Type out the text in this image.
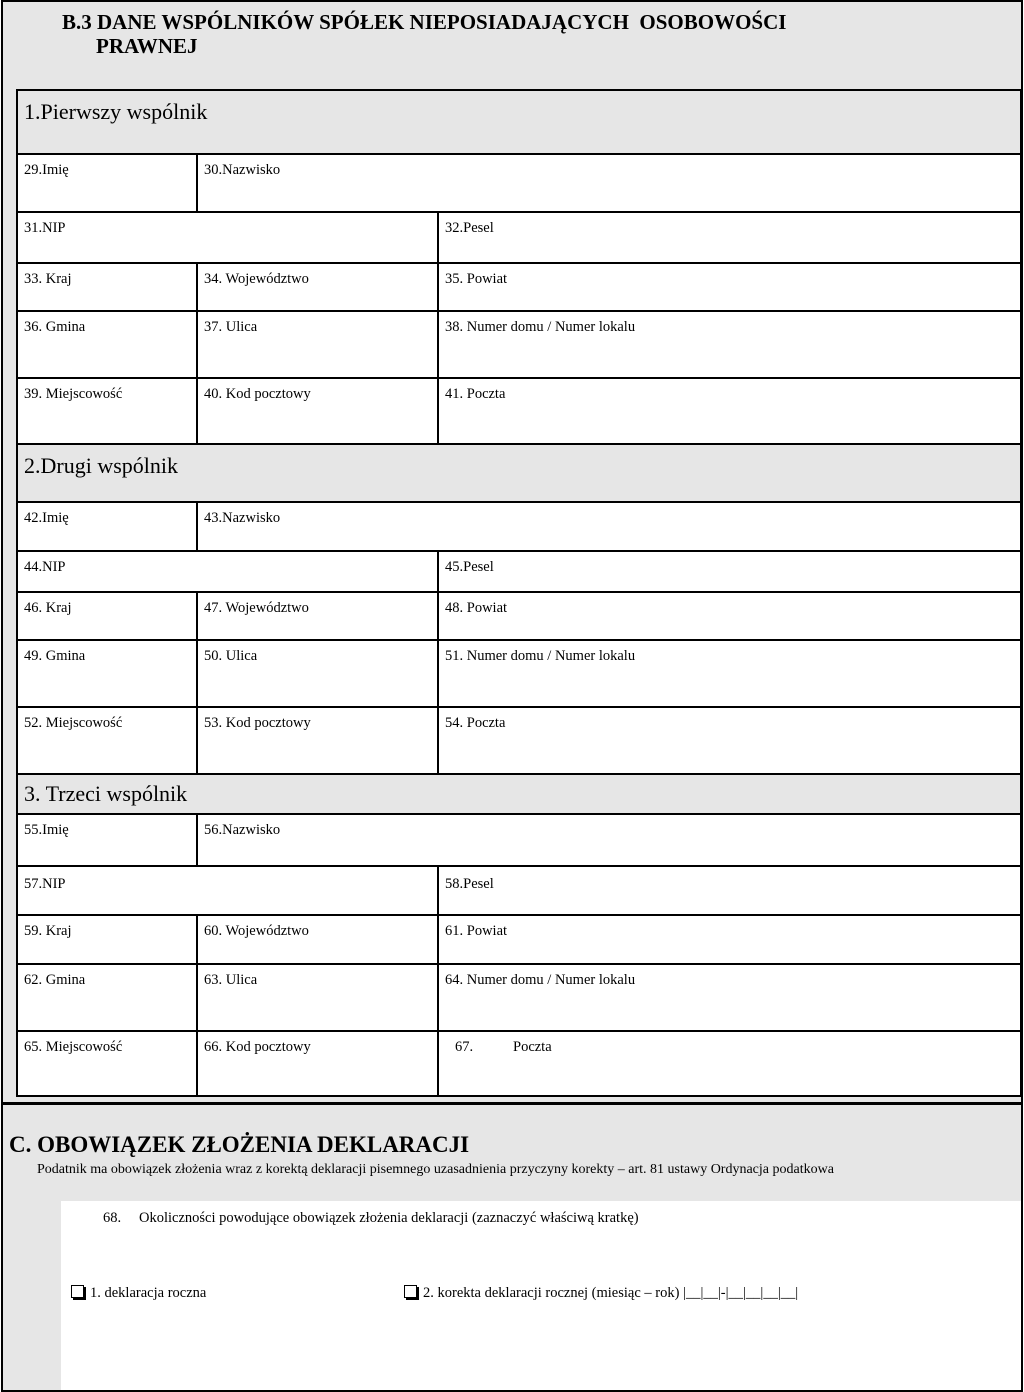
B.3 DANE WSPÓLNIKÓW SPÓŁEK NIEPOSIADAJĄCYCH  OSOBOWOŚCI
PRAWNEJ
1.Pierwszy wspólnik
29.Imię	30.Nazwisko
31.NIP	32.Pesel
33. Kraj	34. Województwo	35. Powiat
36. Gmina	37. Ulica	38. Numer domu / Numer lokalu
39. Miejscowość	40. Kod pocztowy	41. Poczta
2.Drugi wspólnik
42.Imię	43.Nazwisko
44.NIP	45.Pesel
46. Kraj	47. Województwo	48. Powiat
49. Gmina	50. Ulica	51. Numer domu / Numer lokalu
52. Miejscowość	53. Kod pocztowy	54. Poczta
3. Trzeci wspólnik
55.Imię	56.Nazwisko
57.NIP	58.Pesel
59. Kraj	60. Województwo	61. Powiat
62. Gmina	63. Ulica	64. Numer domu / Numer lokalu
65. Miejscowość	66. Kod pocztowy	67.	Poczta
C. OBOWIĄZEK ZŁOŻENIA DEKLARACJI
Podatnik ma obowiązek złożenia wraz z korektą deklaracji pisemnego uzasadnienia przyczyny korekty – art. 81 ustawy Ordynacja podatkowa
68. Okoliczności powodujące obowiązek złożenia deklaracji (zaznaczyć właściwą kratkę)
1. deklaracja roczna	2. korekta deklaracji rocznej (miesiąc – rok) |__|__|-|__|__|__|__|
